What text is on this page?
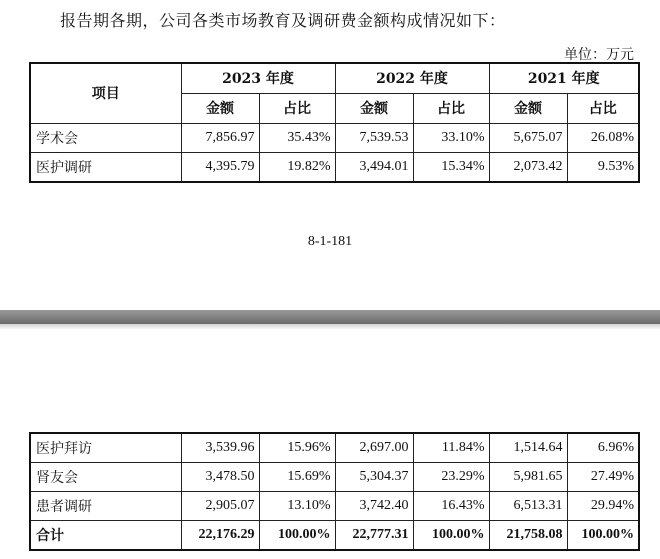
报告期各期，公司各类市场教育及调研费金额构成情况如下：
单位：万元
项目	2023 年度		2022 年度		2021 年度	
	金额	占比	金额	占比	金额	占比
学术会	7,856.97	35.43%	7,539.53	33.10%	5,675.07	26.08%
医护调研	4,395.79	19.82%	3,494.01	15.34%	2,073.42	9.53%
8-1-181
医护拜访	3,539.96	15.96%	2,697.00	11.84%	1,514.64	6.96%
肾友会	3,478.50	15.69%	5,304.37	23.29%	5,981.65	27.49%
患者调研	2,905.07	13.10%	3,742.40	16.43%	6,513.31	29.94%
合计	22,176.29	100.00%	22,777.31	100.00%	21,758.08	100.00%
